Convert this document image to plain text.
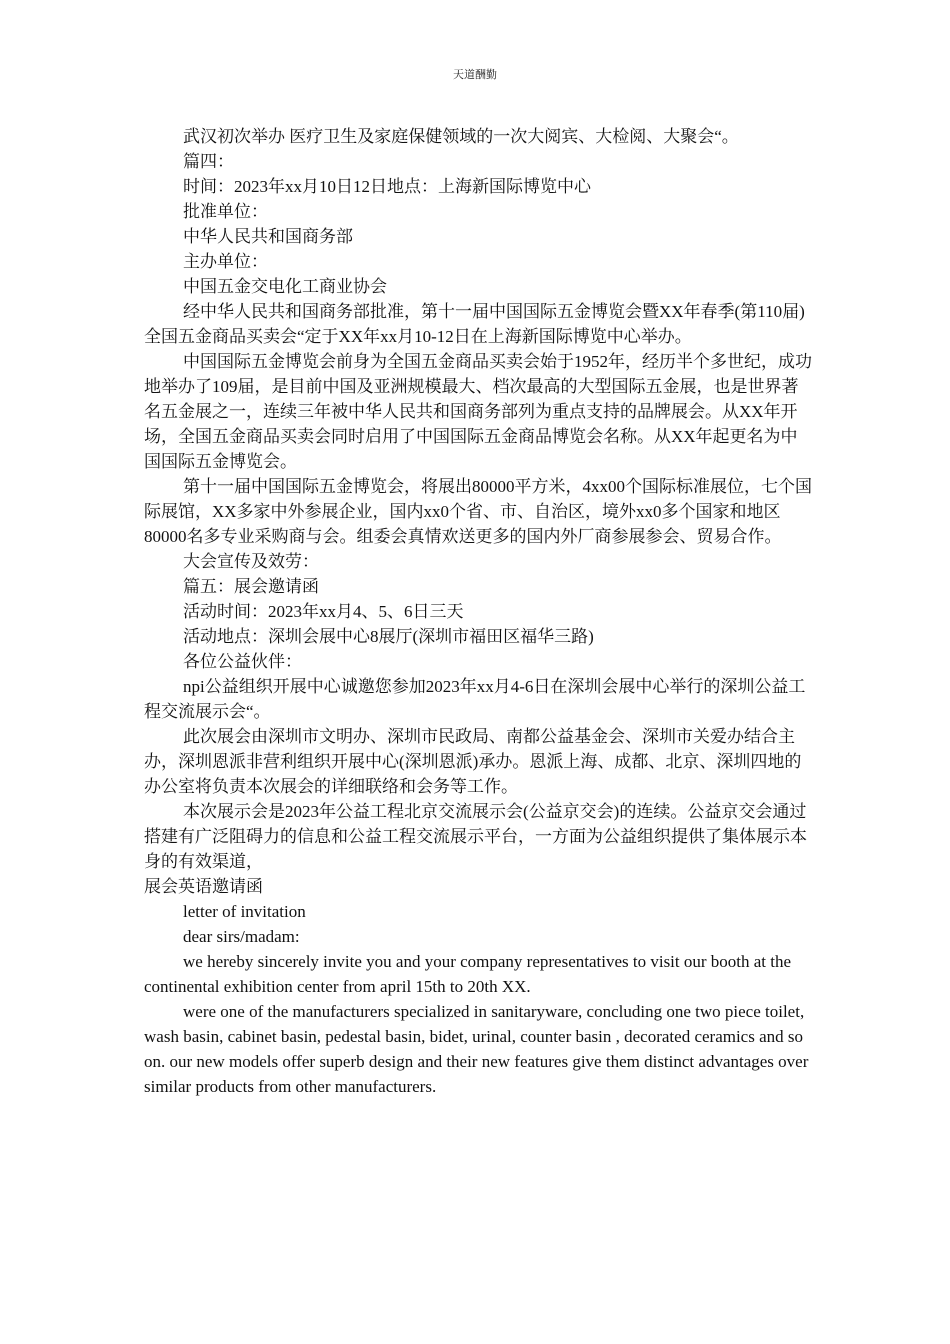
天道酬勤

武汉初次举办 医疗卫生及家庭保健领域的一次大阅宾、大检阅、大聚会“。

篇四：

时间：2023年xx月10日12日地点：上海新国际博览中心

批准单位：

中华人民共和国商务部

主办单位：

中国五金交电化工商业协会

经中华人民共和国商务部批准，第十一届中国国际五金博览会暨XX年春季(第110届)全国五金商品买卖会“定于XX年xx月10-12日在上海新国际博览中心举办。

中国国际五金博览会前身为全国五金商品买卖会始于1952年，经历半个多世纪，成功地举办了109届，是目前中国及亚洲规模最大、档次最高的大型国际五金展，也是世界著名五金展之一，连续三年被中华人民共和国商务部列为重点支持的品牌展会。从XX年开场，全国五金商品买卖会同时启用了中国国际五金商品博览会名称。从XX年起更名为中国国际五金博览会。

第十一届中国国际五金博览会，将展出80000平方米，4xx00个国际标准展位，七个国际展馆，XX多家中外参展企业，国内xx0个省、市、自治区，境外xx0多个国家和地区80000名多专业采购商与会。组委会真情欢送更多的国内外厂商参展参会、贸易合作。

大会宣传及效劳：

篇五：展会邀请函

活动时间：2023年xx月4、5、6日三天

活动地点：深圳会展中心8展厅(深圳市福田区福华三路)

各位公益伙伴：

npi公益组织开展中心诚邀您参加2023年xx月4-6日在深圳会展中心举行的深圳公益工程交流展示会“。

此次展会由深圳市文明办、深圳市民政局、南都公益基金会、深圳市关爱办结合主办，深圳恩派非营利组织开展中心(深圳恩派)承办。恩派上海、成都、北京、深圳四地的办公室将负责本次展会的详细联络和会务等工作。

本次展示会是2023年公益工程北京交流展示会(公益京交会)的连续。公益京交会通过搭建有广泛阻碍力的信息和公益工程交流展示平台，一方面为公益组织提供了集体展示本身的有效渠道，

展会英语邀请函

letter of invitation

dear sirs/madam:

we hereby sincerely invite you and your company representatives to visit our booth at the continental exhibition center from april 15th to 20th XX.

were one of the manufacturers specialized in sanitaryware, concluding one two piece toilet, wash basin, cabinet basin, pedestal basin, bidet, urinal, counter basin , decorated ceramics and so on. our new models offer superb design and their new features give them distinct advantages over similar products from other manufacturers.
